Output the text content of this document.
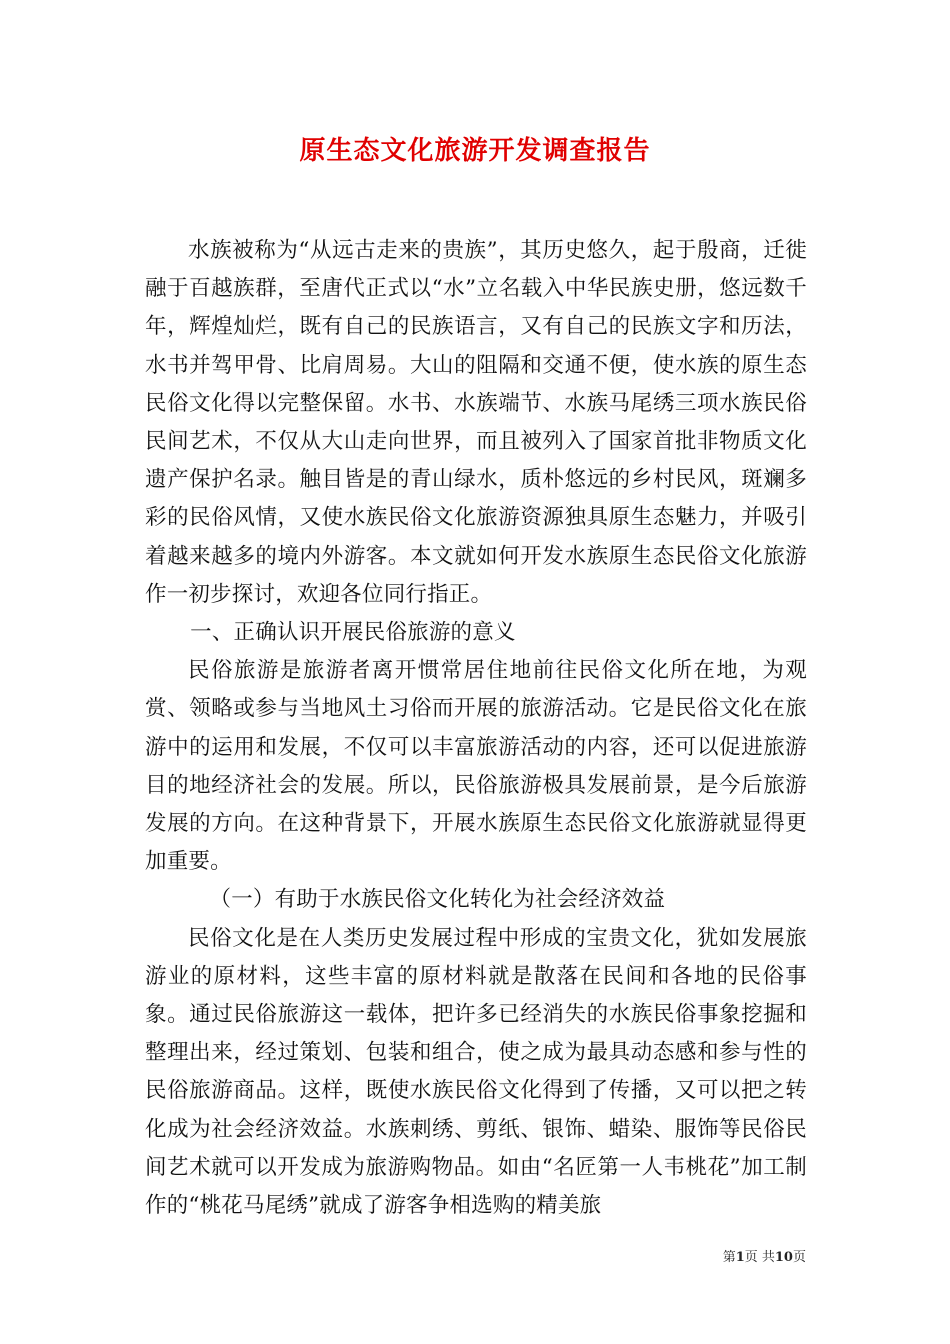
原生态文化旅游开发调查报告

水族被称为“从远古走来的贵族”，其历史悠久，起于殷商，迁徙融于百越族群，至唐代正式以“水”立名载入中华民族史册，悠远数千年，辉煌灿烂，既有自己的民族语言，又有自己的民族文字和历法，水书并驾甲骨、比肩周易。大山的阻隔和交通不便，使水族的原生态民俗文化得以完整保留。水书、水族端节、水族马尾绣三项水族民俗民间艺术，不仅从大山走向世界，而且被列入了国家首批非物质文化遗产保护名录。触目皆是的青山绿水，质朴悠远的乡村民风，斑斓多彩的民俗风情，又使水族民俗文化旅游资源独具原生态魅力，并吸引着越来越多的境内外游客。本文就如何开发水族原生态民俗文化旅游作一初步探讨，欢迎各位同行指正。

一、正确认识开展民俗旅游的意义

民俗旅游是旅游者离开惯常居住地前往民俗文化所在地，为观赏、领略或参与当地风土习俗而开展的旅游活动。它是民俗文化在旅游中的运用和发展，不仅可以丰富旅游活动的内容，还可以促进旅游目的地经济社会的发展。所以，民俗旅游极具发展前景，是今后旅游发展的方向。在这种背景下，开展水族原生态民俗文化旅游就显得更加重要。

（一）有助于水族民俗文化转化为社会经济效益

民俗文化是在人类历史发展过程中形成的宝贵文化，犹如发展旅游业的原材料，这些丰富的原材料就是散落在民间和各地的民俗事象。通过民俗旅游这一载体，把许多已经消失的水族民俗事象挖掘和整理出来，经过策划、包装和组合，使之成为最具动态感和参与性的民俗旅游商品。这样，既使水族民俗文化得到了传播，又可以把之转化成为社会经济效益。水族刺绣、剪纸、银饰、蜡染、服饰等民俗民间艺术就可以开发成为旅游购物品。如由“名匠第一人韦桃花”加工制作的“桃花马尾绣”就成了游客争相选购的精美旅

第1页 共10页
